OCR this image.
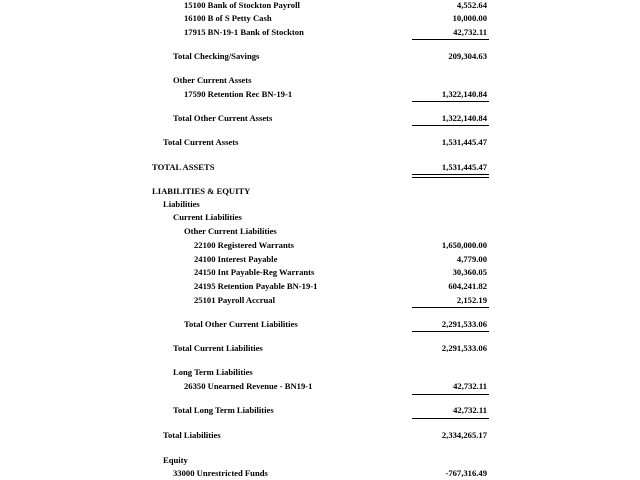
15100 Bank of Stockton Payroll	4,552.64
16100 B of S Petty Cash	10,000.00
17915 BN-19-1 Bank of Stockton	42,732.11
Total Checking/Savings	209,304.63
Other Current Assets
17590 Retention Rec BN-19-1	1,322,140.84
Total Other Current Assets	1,322,140.84
Total Current Assets	1,531,445.47
TOTAL ASSETS	1,531,445.47
LIABILITIES & EQUITY
Liabilities
Current Liabilities
Other Current Liabilities
22100 Registered Warrants	1,650,000.00
24100 Interest Payable	4,779.00
24150 Int Payable-Reg Warrants	30,360.05
24195 Retention Payable BN-19-1	604,241.82
25101 Payroll Accrual	2,152.19
Total Other Current Liabilities	2,291,533.06
Total Current Liabilities	2,291,533.06
Long Term Liabilities
26350 Unearned Revenue - BN19-1	42,732.11
Total Long Term Liabilities	42,732.11
Total Liabilities	2,334,265.17
Equity
33000 Unrestricted Funds	-767,316.49
